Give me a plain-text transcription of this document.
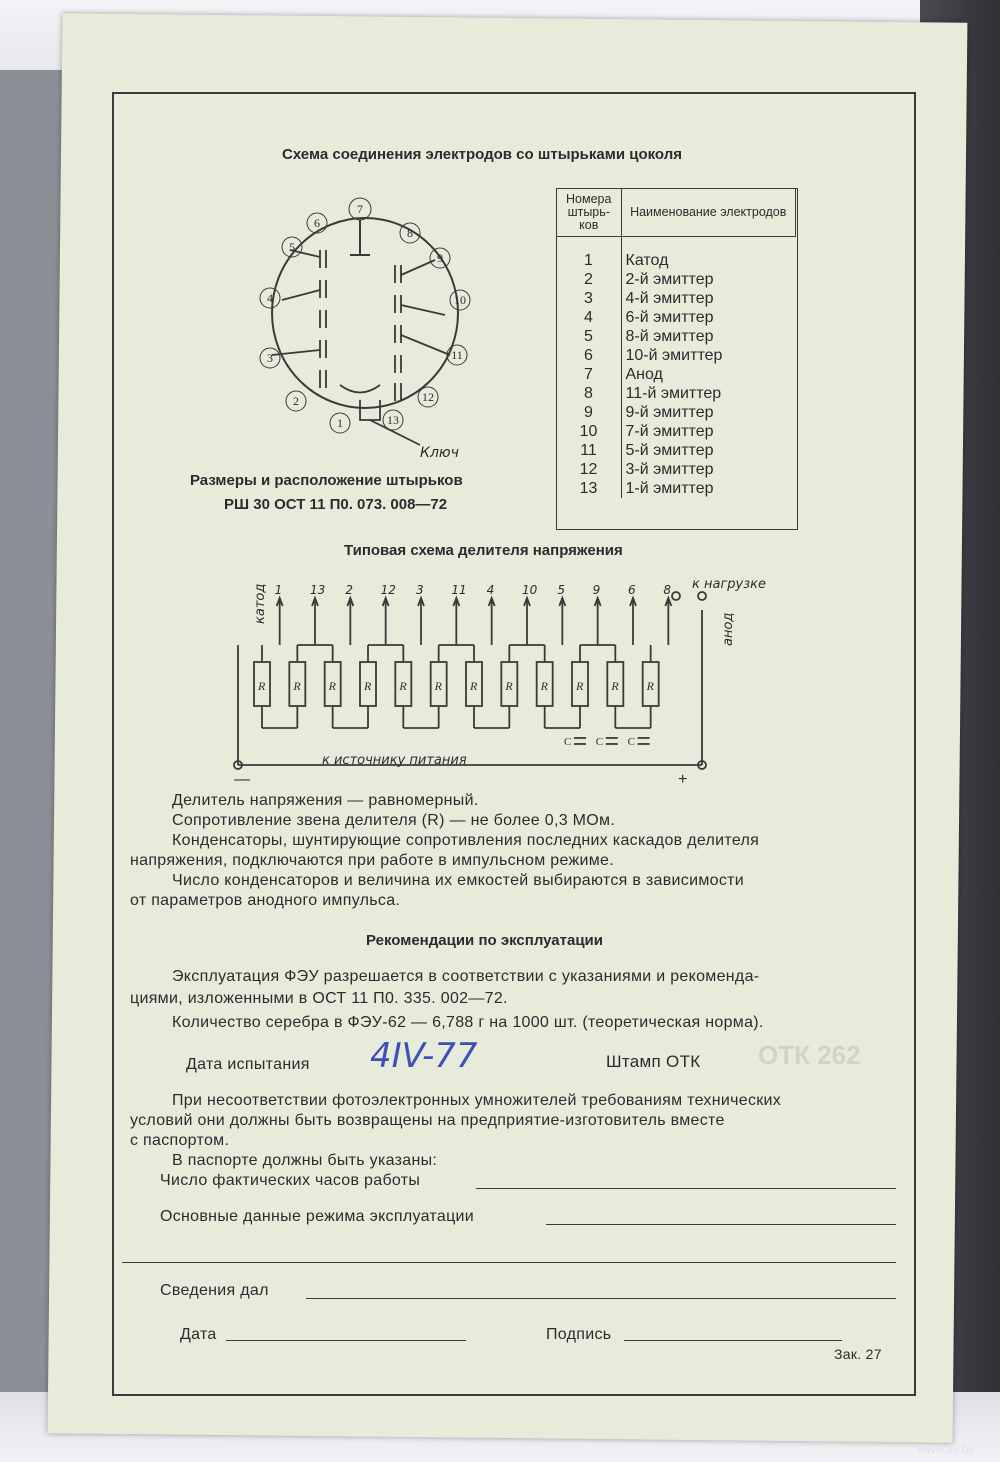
Схема соединения электродов со штырьками цоколя
7
6
5
4
3
2
1	13
12
11
10
9
8
Ключ
Размеры и расположение штырьков
РШ 30 ОСТ 11 П0. 073. 008—72
Номера штырь- ков	Наименование электродов

1	Катод
2	2-й эмиттер
3	4-й эмиттер
4	6-й эмиттер
5	8-й эмиттер
6	10-й эмиттер
7	Анод
8	11-й эмиттер
9	9-й эмиттер
10	7-й эмиттер
11	5-й эмиттер
12	3-й эмиттер
13	1-й эмиттер
Типовая схема делителя напряжения
катод	к нагрузке
анод
к источнику питания
—	+
R
1
R
13
R
2
R
12
R
3
R
11
R
4
R
10
R
5
R
9
R
6
R
8
С С С
Делитель напряжения — равномерный.
Сопротивление звена делителя (R) — не более 0,3 МОм.
Конденсаторы, шунтирующие сопротивления последних каскадов делителя
напряжения, подключаются при работе в импульсном режиме.
Число конденсаторов и величина их емкостей выбираются в зависимости
от параметров анодного импульса.
Рекомендации по эксплуатации
Эксплуатация ФЭУ разрешается в соответствии с указаниями и рекоменда-
циями, изложенными в ОСТ 11 П0. 335. 002—72.
Количество серебра в ФЭУ-62 — 6,788 г на 1000 шт. (теоретическая норма).
Дата испытания 4IV-77	Штамп ОТК ОТК 262
При несоответствии фотоэлектронных умножителей требованиям технических
условий они должны быть возвращены на предприятие-изготовитель вместе
с паспортом.
В паспорте должны быть указаны:
Число фактических часов работы
Основные данные режима эксплуатации
Сведения дал
Дата	Подпись
Зак. 27
www.ay.by
